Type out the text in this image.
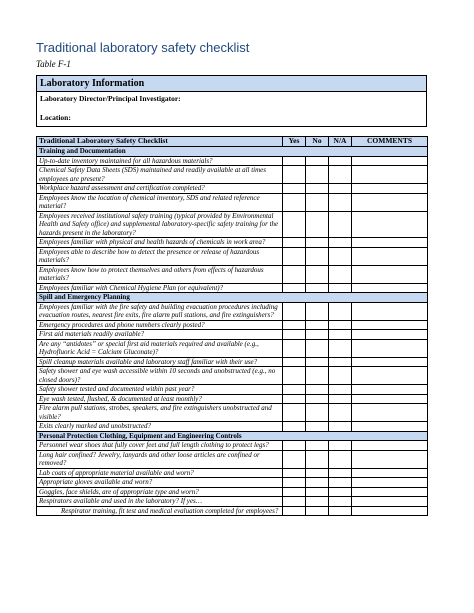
Traditional laboratory safety checklist
Table F-1
Laboratory Information
Laboratory Director/Principal Investigator:
Location:
Traditional Laboratory Safety Checklist	Yes	No	N/A	COMMENTS
Training and Documentation				
Up-to-date inventory maintained for all hazardous materials?				
Chemical Safety Data Sheets (SDS) maintained and readily available at all times employees are present?				
Workplace hazard assessment and certification completed?				
Employees know the location of chemical inventory, SDS and related reference material?				
Employees received institutional safety training (typical provided by Environmental Health and Safety office) and supplemental laboratory-specific safety training for the hazards present in the laboratory?				
Employees familiar with physical and health hazards of chemicals in work area?				
Employees able to describe how to detect the presence or release of hazardous materials?				
Employees know how to protect themselves and others from effects of hazardous materials?				
Employees familiar with Chemical Hygiene Plan (or equivalent)?				
Spill and Emergency Planning				
Employees familiar with the fire safety and building evacuation procedures including evacuation routes, nearest fire exits, fire alarm pull stations, and fire extinguishers?				
Emergency procedures and phone numbers clearly posted?				
First aid materials readily available?				
Are any “antidotes” or special first aid materials required and available (e.g., Hydrofluoric Acid = Calcium Gluconate)?				
Spill cleanup materials available and laboratory staff familiar with their use?				
Safety shower and eye wash accessible within 10 seconds and unobstructed (e.g., no closed doors)?				
Safety shower tested and documented within past year?				
Eye wash tested, flushed, & documented at least monthly?				
Fire alarm pull stations, strobes, speakers, and fire extinguishers unobstructed and visible?				
Exits clearly marked and unobstructed?				
Personal Protection Clothing, Equipment and Engineering Controls				
Personnel wear shoes that fully cover feet and full length clothing to protect legs?				
Long hair confined? Jewelry, lanyards and other loose articles are confined or removed?				
Lab coats of appropriate material available and worn?				
Appropriate gloves available and worn?				
Goggles, face shields, are of appropriate type and worn?				
Respirators available and used in the laboratory? If yes…				
Respirator training, fit test and medical evaluation completed for employees?				
